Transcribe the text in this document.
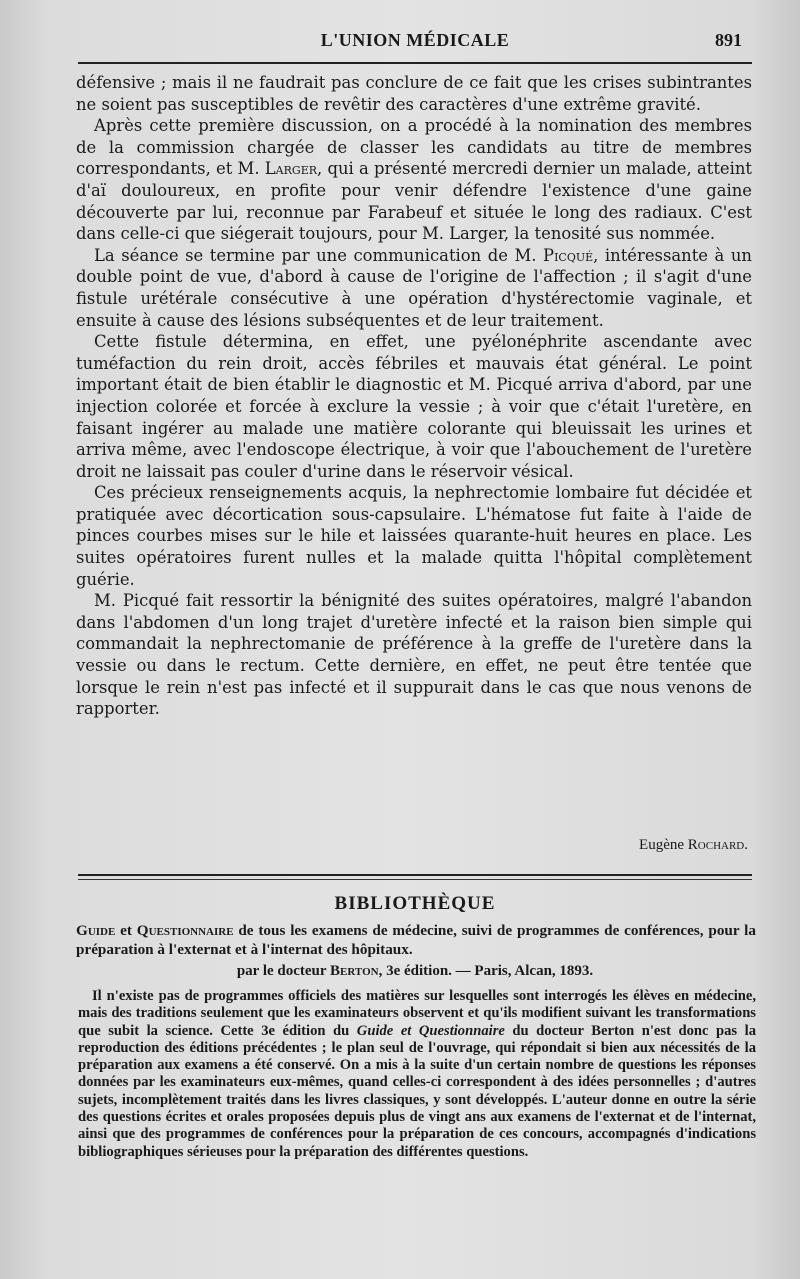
L'UNION MÉDICALE	891

défensive ; mais il ne faudrait pas conclure de ce fait que les crises subintrantes ne soient pas susceptibles de revêtir des caractères d'une extrême gravité.

Après cette première discussion, on a procédé à la nomination des membres de la commission chargée de classer les candidats au titre de membres correspondants, et M. Larger, qui a présenté mercredi dernier un malade, atteint d'aï douloureux, en profite pour venir défendre l'existence d'une gaine découverte par lui, reconnue par Farabeuf et située le long des radiaux. C'est dans celle-ci que siégerait toujours, pour M. Larger, la tenosité sus nommée.

La séance se termine par une communication de M. Picqué, intéressante à un double point de vue, d'abord à cause de l'origine de l'affection ; il s'agit d'une fistule urétérale consécutive à une opération d'hystérectomie vaginale, et ensuite à cause des lésions subséquentes et de leur traitement.

Cette fistule détermina, en effet, une pyélonéphrite ascendante avec tuméfaction du rein droit, accès fébriles et mauvais état général. Le point important était de bien établir le diagnostic et M. Picqué arriva d'abord, par une injection colorée et forcée à exclure la vessie ; à voir que c'était l'uretère, en faisant ingérer au malade une matière colorante qui bleuissait les urines et arriva même, avec l'endoscope électrique, à voir que l'abouchement de l'uretère droit ne laissait pas couler d'urine dans le réservoir vésical.

Ces précieux renseignements acquis, la nephrectomie lombaire fut décidée et pratiquée avec décortication sous-capsulaire. L'hématose fut faite à l'aide de pinces courbes mises sur le hile et laissées quarante-huit heures en place. Les suites opératoires furent nulles et la malade quitta l'hôpital complètement guérie.

M. Picqué fait ressortir la bénignité des suites opératoires, malgré l'abandon dans l'abdomen d'un long trajet d'uretère infecté et la raison bien simple qui commandait la nephrectomanie de préférence à la greffe de l'uretère dans la vessie ou dans le rectum. Cette dernière, en effet, ne peut être tentée que lorsque le rein n'est pas infecté et il suppurait dans le cas que nous venons de rapporter.

Eugène Rochard.
BIBLIOTHÈQUE
Guide et Questionnaire de tous les examens de médecine, suivi de programmes de conférences, pour la préparation à l'externat et à l'internat des hôpitaux.
par le docteur Berton, 3e édition. — Paris, Alcan, 1893.
Il n'existe pas de programmes officiels des matières sur lesquelles sont interrogés les élèves en médecine, mais des traditions seulement que les examinateurs observent et qu'ils modifient suivant les transformations que subit la science. Cette 3e édition du Guide et Questionnaire du docteur Berton n'est donc pas la reproduction des éditions précédentes ; le plan seul de l'ouvrage, qui répondait si bien aux nécessités de la préparation aux examens a été conservé. On a mis à la suite d'un certain nombre de questions les réponses données par les examinateurs eux-mêmes, quand celles-ci correspondent à des idées personnelles ; d'autres sujets, incomplètement traités dans les livres classiques, y sont développés. L'auteur donne en outre la série des questions écrites et orales proposées depuis plus de vingt ans aux examens de l'externat et de l'internat, ainsi que des programmes de conférences pour la préparation de ces concours, accompagnés d'indications bibliographiques sérieuses pour la préparation des différentes questions.
